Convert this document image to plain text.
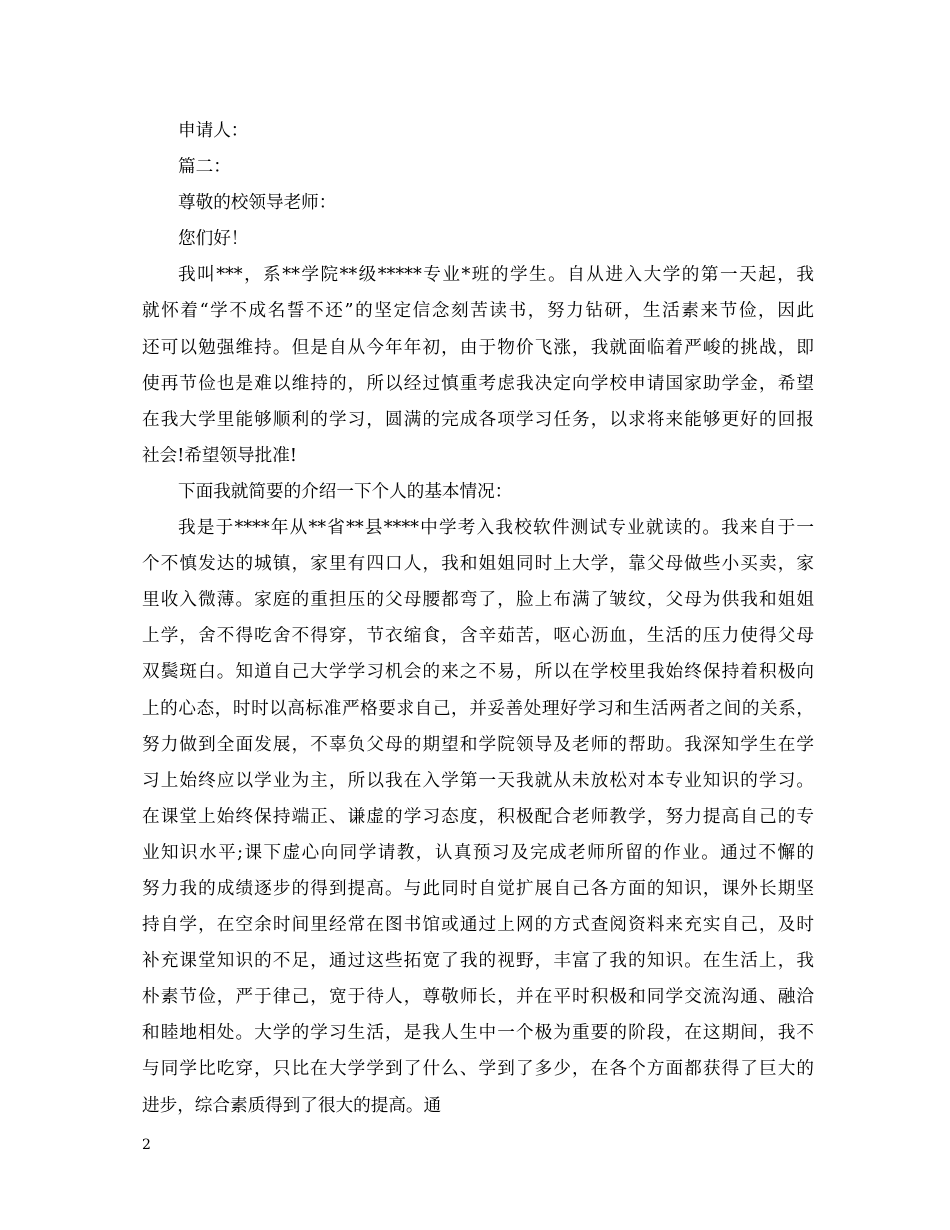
申请人：
篇二：
尊敬的校领导老师：
您们好！
我叫***，系**学院**级*****专业*班的学生。自从进入大学的第一天起，我
就怀着“学不成名誓不还”的坚定信念刻苦读书，努力钻研，生活素来节俭，因此
还可以勉强维持。但是自从今年年初，由于物价飞涨，我就面临着严峻的挑战，即
使再节俭也是难以维持的，所以经过慎重考虑我决定向学校申请国家助学金，希望
在我大学里能够顺利的学习，圆满的完成各项学习任务，以求将来能够更好的回报
社会!希望领导批准!
下面我就简要的介绍一下个人的基本情况：
我是于****年从**省**县****中学考入我校软件测试专业就读的。我来自于一
个不慎发达的城镇，家里有四口人，我和姐姐同时上大学，靠父母做些小买卖，家
里收入微薄。家庭的重担压的父母腰都弯了，脸上布满了皱纹，父母为供我和姐姐
上学，舍不得吃舍不得穿，节衣缩食，含辛茹苦，呕心沥血，生活的压力使得父母
双鬓斑白。知道自己大学学习机会的来之不易，所以在学校里我始终保持着积极向
上的心态，时时以高标准严格要求自己，并妥善处理好学习和生活两者之间的关系，
努力做到全面发展，不辜负父母的期望和学院领导及老师的帮助。我深知学生在学
习上始终应以学业为主，所以我在入学第一天我就从未放松对本专业知识的学习。
在课堂上始终保持端正、谦虚的学习态度，积极配合老师教学，努力提高自己的专
业知识水平;课下虚心向同学请教，认真预习及完成老师所留的作业。通过不懈的
努力我的成绩逐步的得到提高。与此同时自觉扩展自己各方面的知识，课外长期坚
持自学，在空余时间里经常在图书馆或通过上网的方式查阅资料来充实自己，及时
补充课堂知识的不足，通过这些拓宽了我的视野，丰富了我的知识。在生活上，我
朴素节俭，严于律己，宽于待人，尊敬师长，并在平时积极和同学交流沟通、融洽
和睦地相处。大学的学习生活，是我人生中一个极为重要的阶段，在这期间，我不
与同学比吃穿，只比在大学学到了什么、学到了多少，在各个方面都获得了巨大的
进步，综合素质得到了很大的提高。通
2
